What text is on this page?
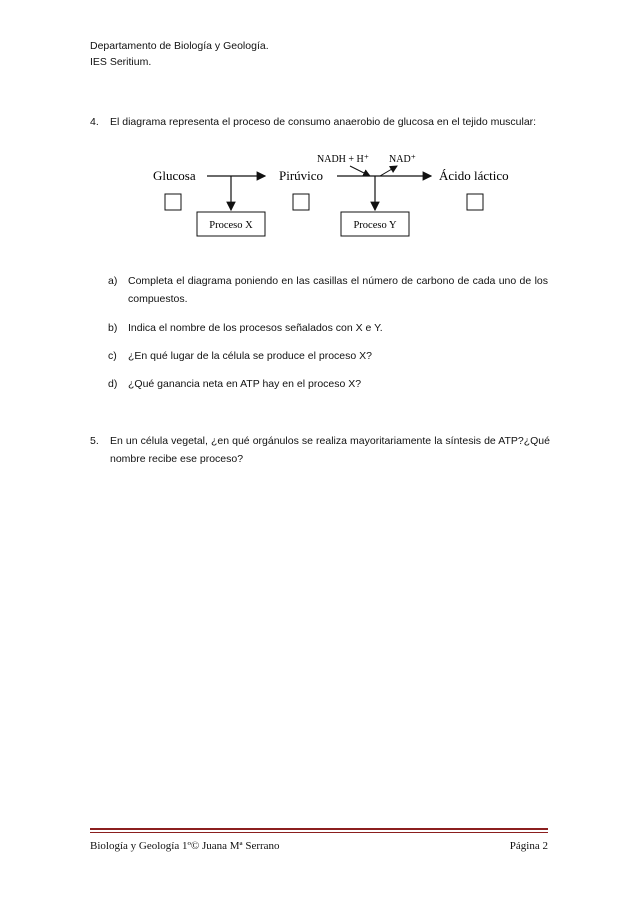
Departamento de Biología y Geología.
IES Seritium.
4. El diagrama representa el proceso de consumo anaerobio de glucosa en el tejido muscular:
Glucosa	Pirúvico	Ácido láctico
NADH + H⁺ NAD⁺
Proceso X	Proceso Y
a) Completa el diagrama poniendo en las casillas el número de carbono de cada uno de los compuestos.
b) Indica el nombre de los procesos señalados con X e Y.
c) ¿En qué lugar de la célula se produce el proceso X?
d) ¿Qué ganancia neta en ATP hay en el proceso X?
5. En un célula vegetal, ¿en qué orgánulos se realiza mayoritariamente la síntesis de ATP?¿Qué nombre recibe ese proceso?
Biología y Geología 1º© Juana Mª Serrano	Página 2
